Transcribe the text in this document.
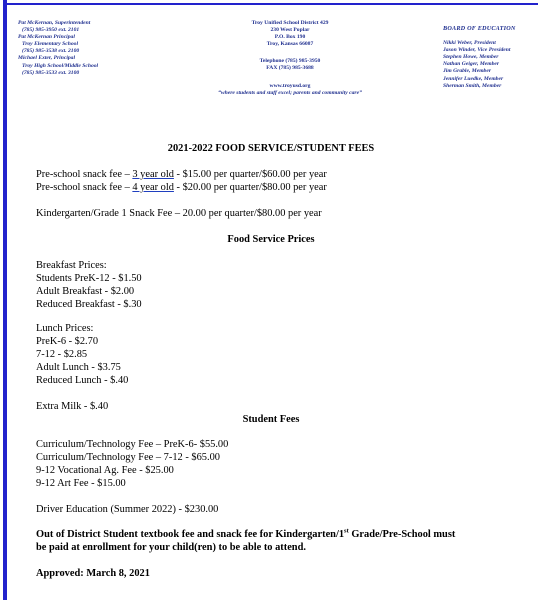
Pat McKernan, Superintendent
(785) 985-3950 ext. 2101
Pat McKernan Principal
Troy Elementary School
(785) 985-3538 ext. 2100
Michael Exter, Principal
Troy High School/Middle School
(785) 985-3533 ext. 3100
Troy Unified School District 429
230 West Poplar
P.O. Box 190
Troy, Kansas 66087
Telephone (785) 985-3950
FAX (785) 985-3688
www.troyusd.org
“where students and staff excel; parents and community care”
BOARD OF EDUCATION
Nikki Weber, President
Jason Winder, Vice President
Stephen Howe, Member
Nathan Geiger, Member
Jim Grable, Member
Jennifer Luedke, Member
Sherman Smith, Member
2021-2022 FOOD SERVICE/STUDENT FEES
Pre-school snack fee – 3 year old - $15.00 per quarter/$60.00 per year
Pre-school snack fee – 4 year old - $20.00 per quarter/$80.00 per year
Kindergarten/Grade 1 Snack Fee – 20.00 per quarter/$80.00 per year
Food Service Prices
Breakfast Prices:
Students PreK-12 - $1.50
Adult Breakfast - $2.00
Reduced Breakfast - $.30
Lunch Prices:
PreK-6 - $2.70
7-12 - $2.85
Adult Lunch - $3.75
Reduced Lunch - $.40
Extra Milk - $.40
Student Fees
Curriculum/Technology Fee – PreK-6- $55.00
Curriculum/Technology Fee – 7-12 - $65.00
9-12 Vocational Ag. Fee - $25.00
9-12 Art Fee - $15.00
Driver Education (Summer 2022) - $230.00
Out of District Student textbook fee and snack fee for Kindergarten/1st Grade/Pre-School must
be paid at enrollment for your child(ren) to be able to attend.
Approved: March 8, 2021
